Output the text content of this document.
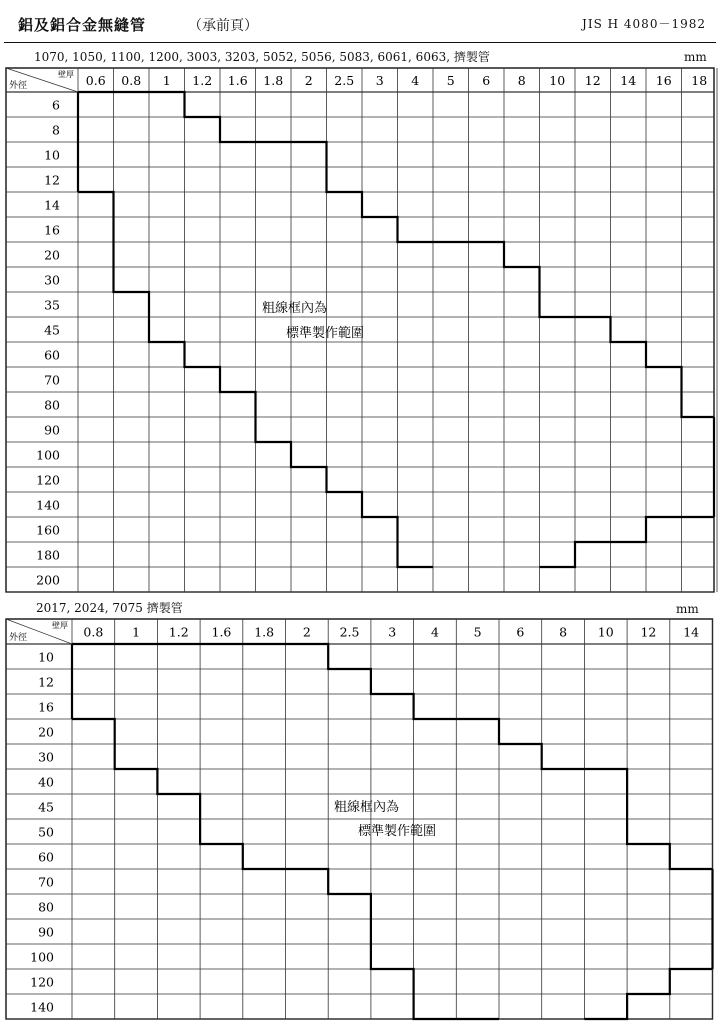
鋁及鋁合金無縫管	（承前頁）	JIS H 4080－1982
1070, 1050, 1100, 1200, 3003, 3203, 5052, 5056, 5083, 6061, 6063, 擠製管	mm
2017, 2024, 7075 擠製管	mm
壁厚
外徑	0.6 0.8 1 1.2 1.6 1.8 2 2.5 3 4 5 6 8 10 12 14 16 18
6
8
10
12
14
16
20
30
35
45
60
70
80
90
100
120
140
160
180
200
粗線框內為
標準製作範圍
壁厚
外徑	0.8 1 1.2 1.6 1.8 2 2.5 3	4	5	6	8 10 12 14
10
12
16
20
30
40
45
50
60
70
80
90
100
120
140
粗線框內為
標準製作範圍
